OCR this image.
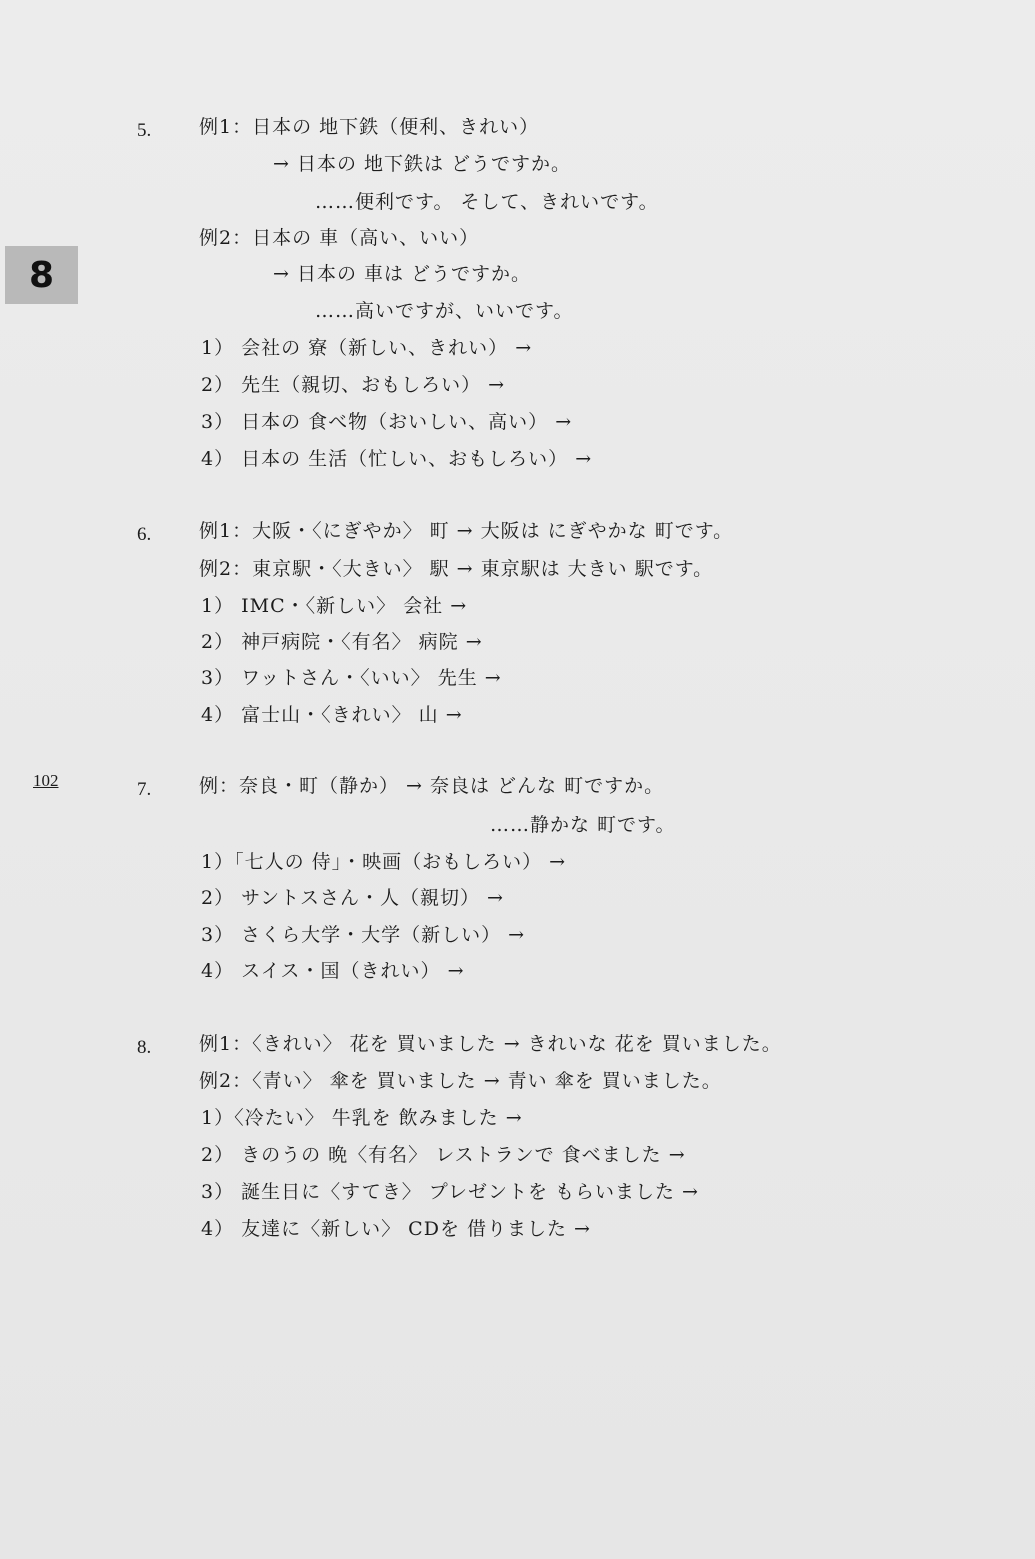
8
102
5.	例1：日本の 地下鉄（便利、きれい）
→ 日本の 地下鉄は どうですか。
……便利です。 そして、きれいです。
例2：日本の 車（高い、いい）
→ 日本の 車は どうですか。
……高いですが、いいです。
1） 会社の 寮（新しい、きれい） →
2） 先生（親切、おもしろい） →
3） 日本の 食べ物（おいしい、高い） →
4） 日本の 生活（忙しい、おもしろい） →
6.	例1：大阪・〈にぎやか〉 町 → 大阪は にぎやかな 町です。
例2：東京駅・〈大きい〉 駅 → 東京駅は 大きい 駅です。
1） IMC・〈新しい〉 会社 →
2） 神戸病院・〈有名〉 病院 →
3） ワットさん・〈いい〉 先生 →
4） 富士山・〈きれい〉 山 →
7.	例：奈良・町（静か） → 奈良は どんな 町ですか。
……静かな 町です。
1）「七人の 侍」・映画（おもしろい） →
2） サントスさん・人（親切） →
3） さくら大学・大学（新しい） →
4） スイス・国（きれい） →
8.	例1：〈きれい〉 花を 買いました → きれいな 花を 買いました。
例2：〈青い〉 傘を 買いました → 青い 傘を 買いました。
1）〈冷たい〉 牛乳を 飲みました →
2） きのうの 晩〈有名〉 レストランで 食べました →
3） 誕生日に〈すてき〉 プレゼントを もらいました →
4） 友達に〈新しい〉 CDを 借りました →
